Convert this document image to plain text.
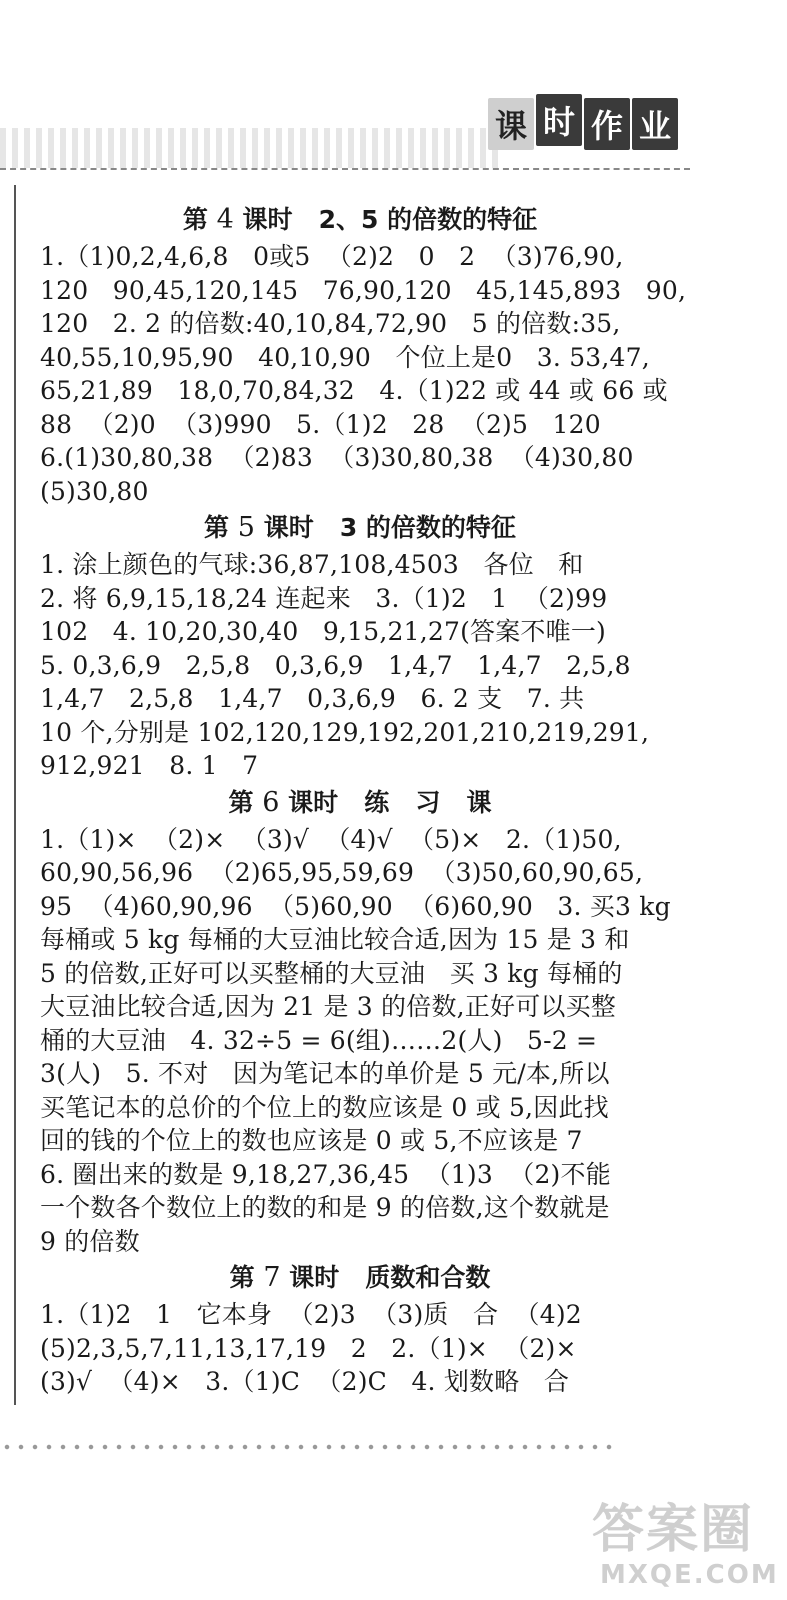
课 时 作 业
第 4 课时 2、5 的倍数的特征
1.（1)0,2,4,6,8   0或5  （2)2   0   2  （3)76,90,
120   90,45,120,145   76,90,120   45,145,893   90,
120   2. 2 的倍数:40,10,84,72,90   5 的倍数:35,
40,55,10,95,90   40,10,90   个位上是0   3. 53,47,
65,21,89   18,0,70,84,32   4.（1)22 或 44 或 66 或
88  （2)0  （3)990   5.（1)2   28  （2)5   120
6.(1)30,80,38  （2)83  （3)30,80,38  （4)30,80
(5)30,80
第 5 课时 3 的倍数的特征
1. 涂上颜色的气球:36,87,108,4503   各位   和
2. 将 6,9,15,18,24 连起来   3.（1)2   1  （2)99
102   4. 10,20,30,40   9,15,21,27(答案不唯一)
5. 0,3,6,9   2,5,8   0,3,6,9   1,4,7   1,4,7   2,5,8
1,4,7   2,5,8   1,4,7   0,3,6,9   6. 2 支   7. 共
10 个,分别是 102,120,129,192,201,210,219,291,
912,921   8. 1   7
第 6 课时 练   习   课
1.（1)×  （2)×  （3)√  （4)√  （5)×   2.（1)50,
60,90,56,96  （2)65,95,59,69  （3)50,60,90,65,
95  （4)60,90,96  （5)60,90  （6)60,90   3. 买3 kg
每桶或 5 kg 每桶的大豆油比较合适,因为 15 是 3 和
5 的倍数,正好可以买整桶的大豆油   买 3 kg 每桶的
大豆油比较合适,因为 21 是 3 的倍数,正好可以买整
桶的大豆油   4. 32÷5 = 6(组)……2(人)   5-2 =
3(人)   5. 不对   因为笔记本的单价是 5 元/本,所以
买笔记本的总价的个位上的数应该是 0 或 5,因此找
回的钱的个位上的数也应该是 0 或 5,不应该是 7
6. 圈出来的数是 9,18,27,36,45  （1)3  （2)不能
一个数各个数位上的数的和是 9 的倍数,这个数就是
9 的倍数
第 7 课时 质数和合数
1.（1)2   1   它本身  （2)3  （3)质   合  （4)2
(5)2,3,5,7,11,13,17,19   2   2.（1)×  （2)×
(3)√  （4)×   3.（1)C  （2)C   4. 划数略   合
答案圈
MXQE.COM
